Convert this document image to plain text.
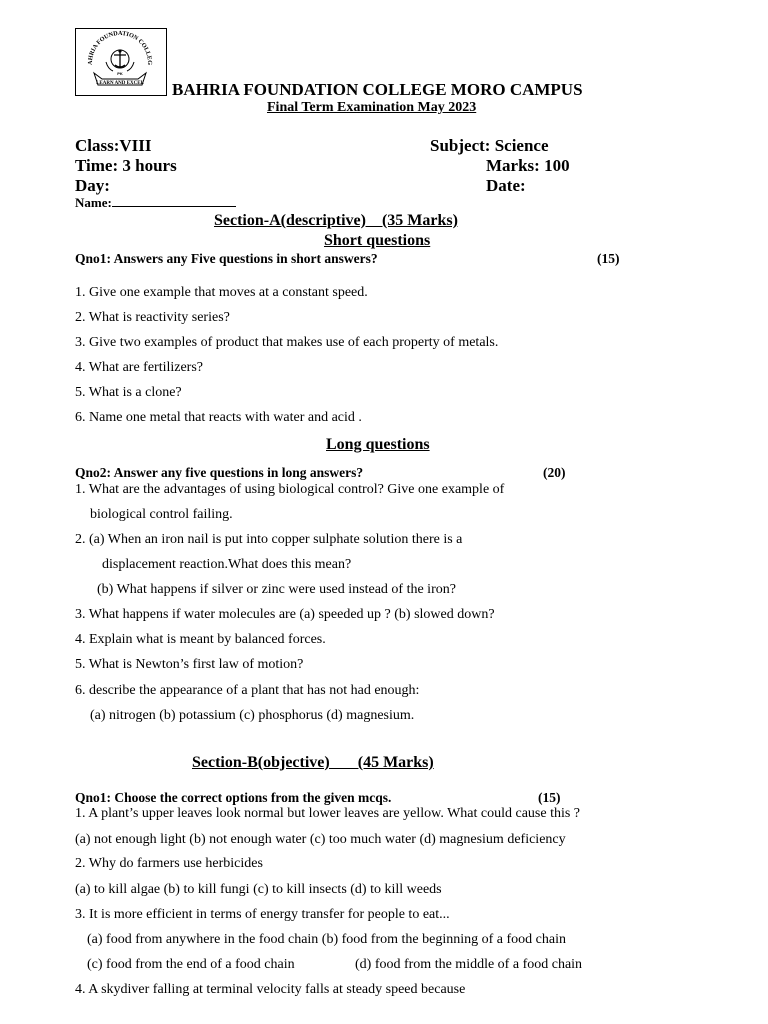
AHRIA FOUNDATION COLLEG
PK
LEARN AND EXCEL BAHRIA FOUNDATION COLLEGE MORO CAMPUS
Final Term Examination May 2023
Class:VIII	Subject: Science
Time: 3 hours	Marks: 100
Day:	Date:
Name:
Section-A(descriptive)    (35 Marks)
Short questions
Qno1: Answers any Five questions in short answers?	(15)
1. Give one example that moves at a constant speed.
2. What is reactivity series?
3. Give two examples of product that makes use of each property of metals.
4. What are fertilizers?
5. What is a clone?
6. Name one metal that reacts with water and acid .
Long questions
Qno2: Answer any five questions in long answers?	(20)
1. What are the advantages of using biological control? Give one example of
biological control failing.
2. (a) When an iron nail is put into copper sulphate solution there is a
displacement reaction.What does this mean?
(b) What happens if silver or zinc were used instead of the iron?
3. What happens if water molecules are (a) speeded up ? (b) slowed down?
4. Explain what is meant by balanced forces.
5. What is Newton’s first law of motion?
6. describe the appearance of a plant that has not had enough:
(a) nitrogen (b) potassium (c) phosphorus (d) magnesium.
Section-B(objective)       (45 Marks)
Qno1: Choose the correct options from the given mcqs.	(15)
1. A plant’s upper leaves look normal but lower leaves are yellow. What could cause this ?
(a) not enough light (b) not enough water (c) too much water (d) magnesium deficiency
2. Why do farmers use herbicides
(a) to kill algae (b) to kill fungi (c) to kill insects (d) to kill weeds
3. It is more efficient in terms of energy transfer for people to eat...
(a) food from anywhere in the food chain (b) food from the beginning of a food chain
(c) food from the end of a food chain	(d) food from the middle of a food chain
4. A skydiver falling at terminal velocity falls at steady speed because
